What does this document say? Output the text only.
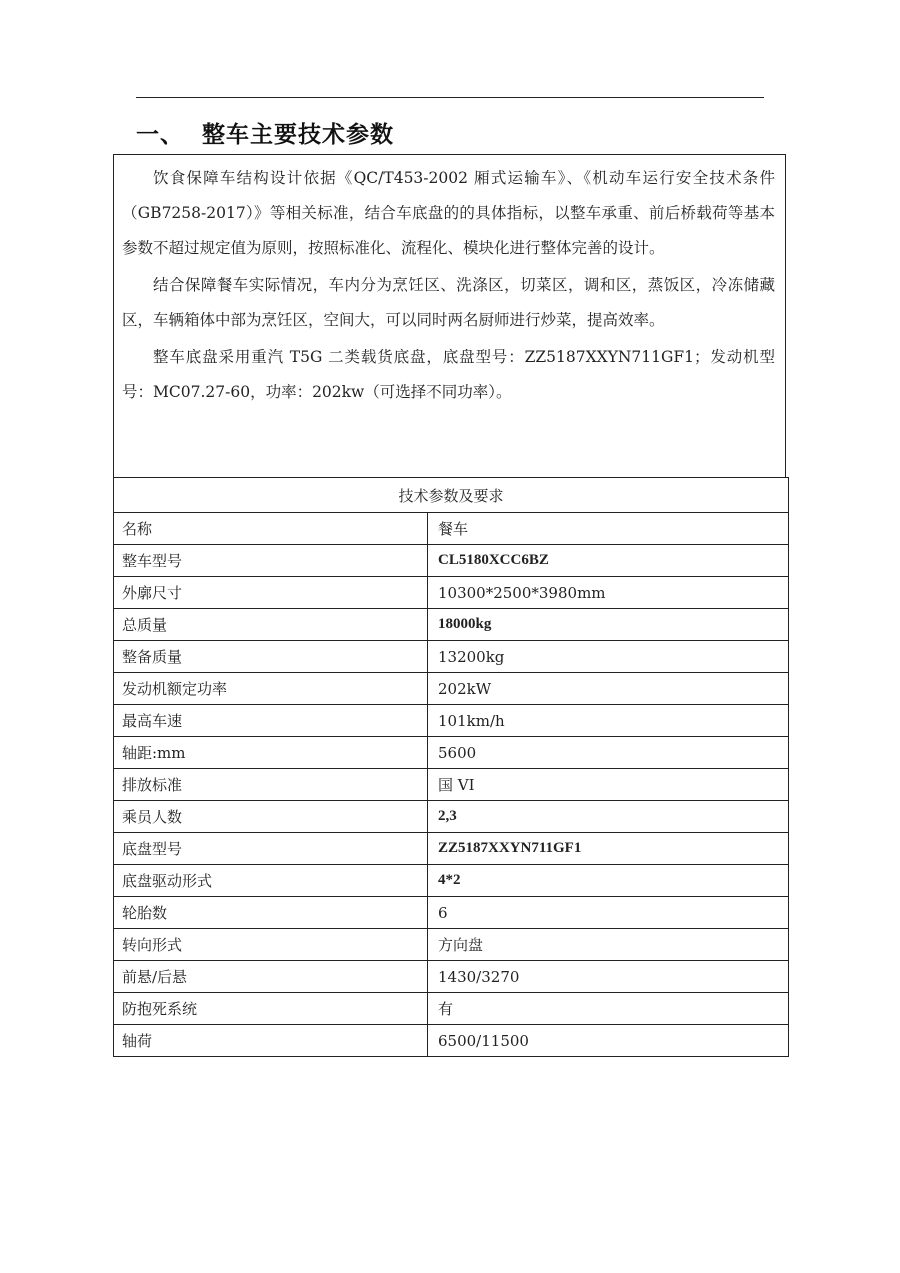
一、 整车主要技术参数

饮食保障车结构设计依据《QC/T453-2002 厢式运输车》、《机动车运行安全技术条件（GB7258-2017）》等相关标准，结合车底盘的的具体指标，以整车承重、前后桥载荷等基本参数不超过规定值为原则，按照标准化、流程化、模块化进行整体完善的设计。

结合保障餐车实际情况，车内分为烹饪区、洗涤区，切菜区，调和区，蒸饭区，冷冻储藏区，车辆箱体中部为烹饪区，空间大，可以同时两名厨师进行炒菜，提高效率。

整车底盘采用重汽 T5G 二类载货底盘，底盘型号：ZZ5187XXYN711GF1；发动机型号：MC07.27-60，功率：202kw（可选择不同功率）。

技术参数及要求	
名称	餐车
整车型号	CL5180XCC6BZ
外廓尺寸	10300*2500*3980mm
总质量	18000kg
整备质量	13200kg
发动机额定功率	202kW
最高车速	101km/h
轴距:mm	5600
排放标准	国 VI
乘员人数	2,3
底盘型号	ZZ5187XXYN711GF1
底盘驱动形式	4*2
轮胎数	6
转向形式	方向盘
前悬/后悬	1430/3270
防抱死系统	有
轴荷	6500/11500
